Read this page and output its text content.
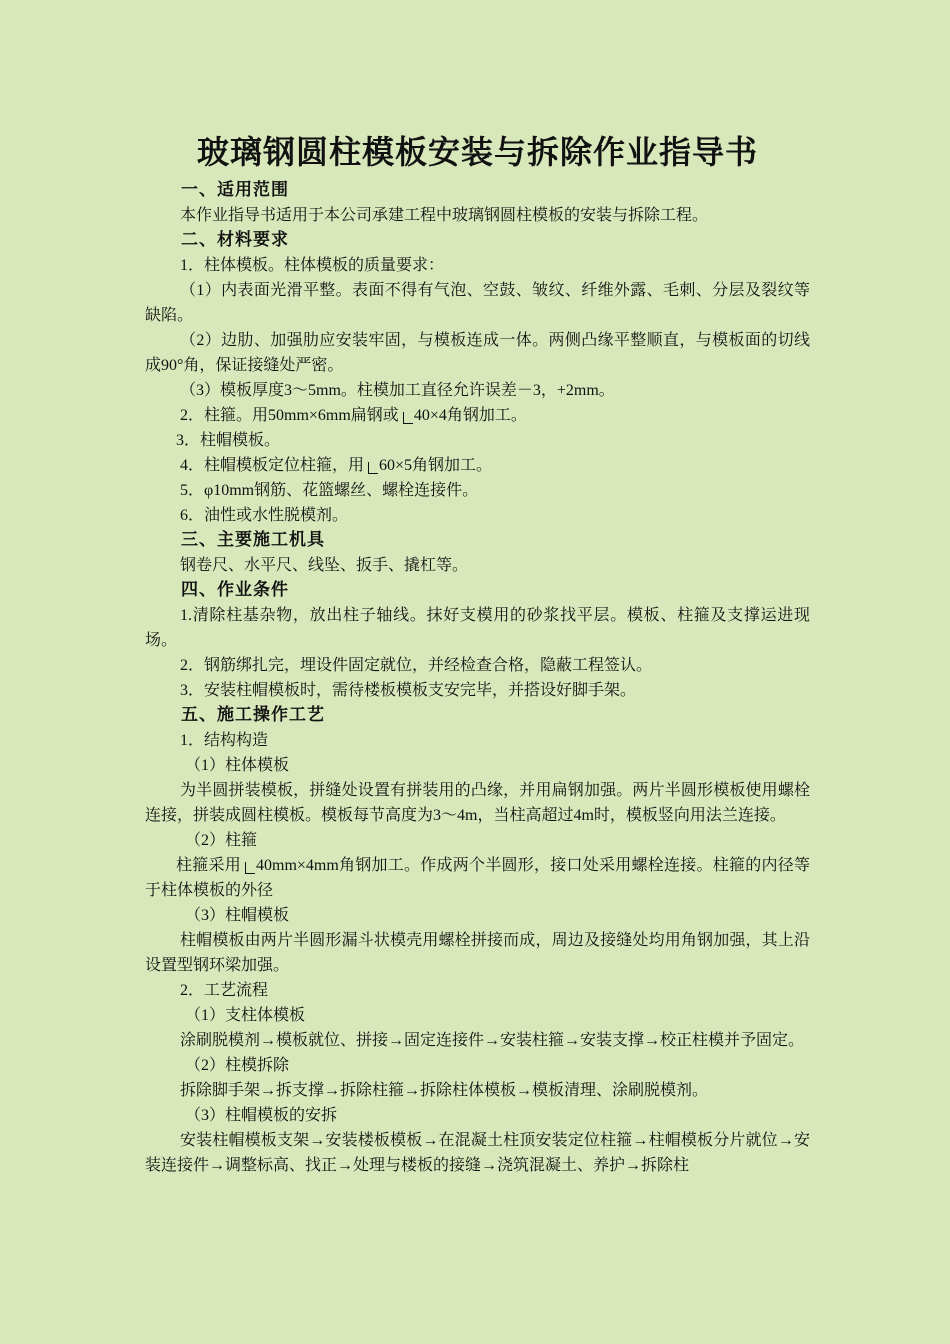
玻璃钢圆柱模板安装与拆除作业指导书
一、适用范围
本作业指导书适用于本公司承建工程中玻璃钢圆柱模板的安装与拆除工程。
二、材料要求
1．柱体模板。柱体模板的质量要求：
（1）内表面光滑平整。表面不得有气泡、空鼓、皱纹、纤维外露、毛刺、分层及裂纹等缺陷。
（2）边肋、加强肋应安装牢固，与模板连成一体。两侧凸缘平整顺直，与模板面的切线成90°角，保证接缝处严密。
（3）模板厚度3～5mm。柱模加工直径允许误差－3，+2mm。
2．柱箍。用50mm×6mm扁钢或 40×4角钢加工。
3．柱帽模板。
4．柱帽模板定位柱箍，用 60×5角钢加工。
5．φ10mm钢筋、花篮螺丝、螺栓连接件。
6．油性或水性脱模剂。
三、主要施工机具
钢卷尺、水平尺、线坠、扳手、撬杠等。
四、作业条件
1.清除柱基杂物，放出柱子轴线。抹好支模用的砂浆找平层。模板、柱箍及支撑运进现场。
2．钢筋绑扎完，埋设件固定就位，并经检查合格，隐蔽工程签认。
3．安装柱帽模板时，需待楼板模板支安完毕，并搭设好脚手架。
五、施工操作工艺
1．结构构造
（1）柱体模板
为半圆拼装模板，拼缝处设置有拼装用的凸缘，并用扁钢加强。两片半圆形模板使用螺栓连接，拼装成圆柱模板。模板每节高度为3～4m，当柱高超过4m时，模板竖向用法兰连接。
（2）柱箍
柱箍采用 40mm×4mm角钢加工。作成两个半圆形，接口处采用螺栓连接。柱箍的内径等于柱体模板的外径
（3）柱帽模板
柱帽模板由两片半圆形漏斗状模壳用螺栓拼接而成，周边及接缝处均用角钢加强，其上沿设置型钢环梁加强。
2．工艺流程
（1）支柱体模板
涂刷脱模剂→模板就位、拼接→固定连接件→安装柱箍→安装支撑→校正柱模并予固定。
（2）柱模拆除
拆除脚手架→拆支撑→拆除柱箍→拆除柱体模板→模板清理、涂刷脱模剂。
（3）柱帽模板的安拆
安装柱帽模板支架→安装楼板模板→在混凝土柱顶安装定位柱箍→柱帽模板分片就位→安装连接件→调整标高、找正→处理与楼板的接缝→浇筑混凝土、养护→拆除柱
